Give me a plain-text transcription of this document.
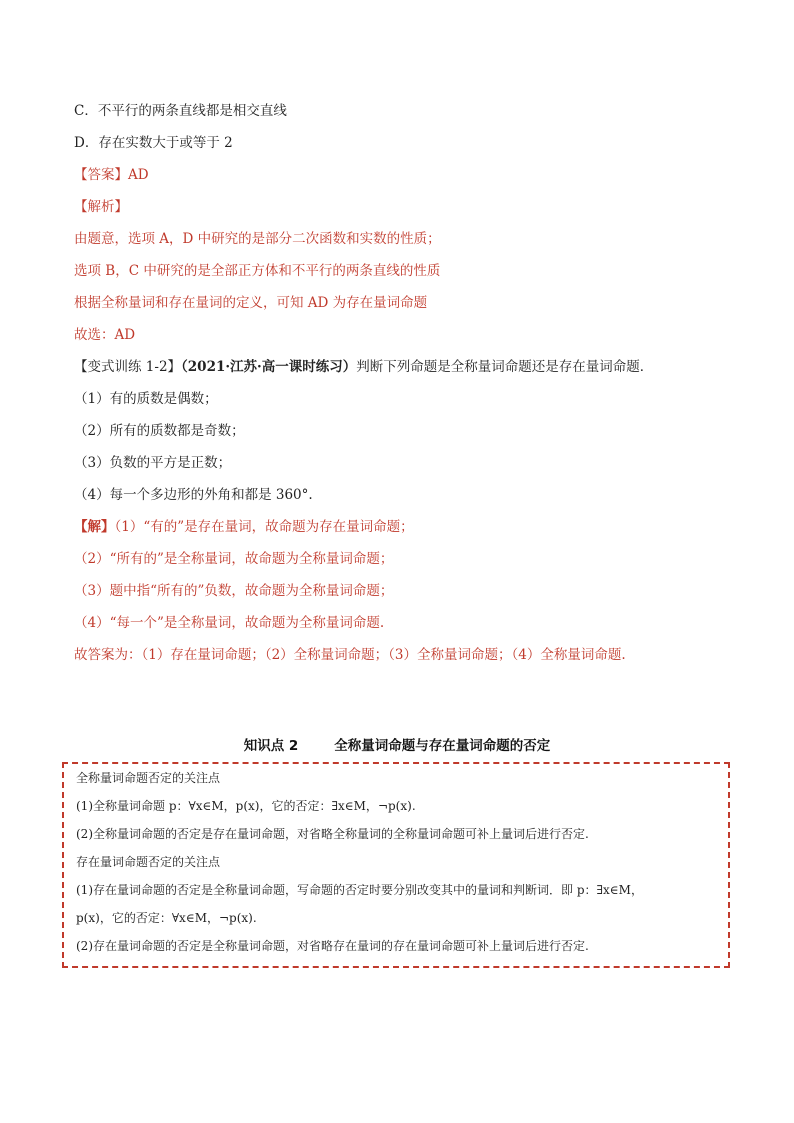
C．不平行的两条直线都是相交直线
D．存在实数大于或等于 2
【答案】AD
【解析】
由题意，选项 A，D 中研究的是部分二次函数和实数的性质；
选项 B，C 中研究的是全部正方体和不平行的两条直线的性质
根据全称量词和存在量词的定义，可知 AD 为存在量词命题
故选：AD
【变式训练 1-2】（2021·江苏·高一课时练习）判断下列命题是全称量词命题还是存在量词命题．
（1）有的质数是偶数；
（2）所有的质数都是奇数；
（3）负数的平方是正数；
（4）每一个多边形的外角和都是 360°.
【解】（1）“有的”是存在量词，故命题为存在量词命题；
（2）“所有的”是全称量词，故命题为全称量词命题；
（3）题中指“所有的”负数，故命题为全称量词命题；
（4）“每一个”是全称量词，故命题为全称量词命题.
故答案为：（1）存在量词命题；（2）全称量词命题；（3）全称量词命题；（4）全称量词命题.
知识点 2	全称量词命题与存在量词命题的否定
全称量词命题否定的关注点
(1)全称量词命题 p：∀x∈M，p(x)，它的否定：∃x∈M，¬p(x).
(2)全称量词命题的否定是存在量词命题，对省略全称量词的全称量词命题可补上量词后进行否定.
存在量词命题否定的关注点
(1)存在量词命题的否定是全称量词命题，写命题的否定时要分别改变其中的量词和判断词．即 p：∃x∈M，
p(x)，它的否定：∀x∈M，¬p(x).
(2)存在量词命题的否定是全称量词命题，对省略存在量词的存在量词命题可补上量词后进行否定.
